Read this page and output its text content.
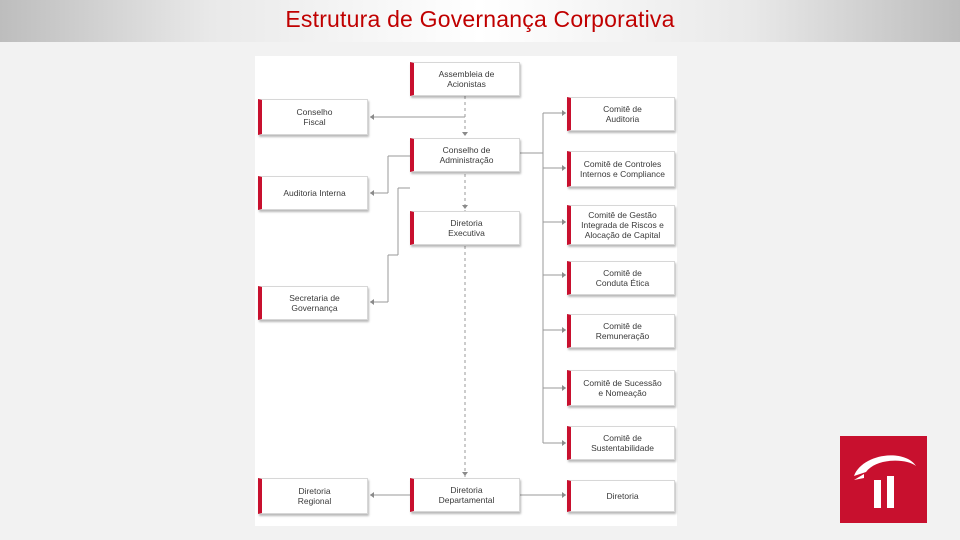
Estrutura de Governança Corporativa
Assembleia de
Acionistas
Conselho de
Administração
Diretoria
Executiva
Diretoria
Departamental
Conselho
Fiscal
Auditoria Interna
Secretaria de
Governança
Diretoria
Regional
Comitê de
Auditoria
Comitê de Controles
Internos e Compliance
Comitê de Gestão
Integrada de Riscos e
Alocação de Capital
Comitê de
Conduta Ética
Comitê de
Remuneração
Comitê de Sucessão
e Nomeação
Comitê de
Sustentabilidade
Diretoria
